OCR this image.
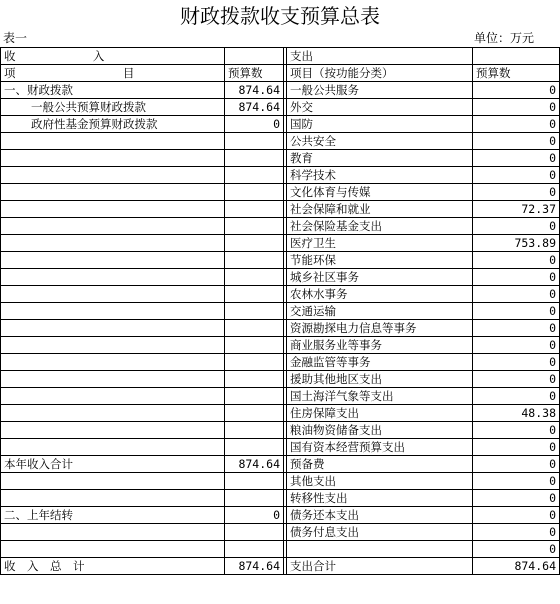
财政拨款收支预算总表
表一	单位：万元
收 入			支出	
项 目	预算数		项目（按功能分类）	预算数
一、财政拨款	874.64		一般公共服务	0
一般公共预算财政拨款	874.64		外交	0
政府性基金预算财政拨款	0		国防	0
			公共安全	0
			教育	0
			科学技术	0
			文化体育与传媒	0
			社会保障和就业	72.37
			社会保险基金支出	0
			医疗卫生	753.89
			节能环保	0
			城乡社区事务	0
			农林水事务	0
			交通运输	0
			资源勘探电力信息等事务	0
			商业服务业等事务	0
			金融监管等事务	0
			援助其他地区支出	0
			国土海洋气象等支出	0
			住房保障支出	48.38
			粮油物资储备支出	0
			国有资本经营预算支出	0
本年收入合计	874.64		预备费	0
			其他支出	0
			转移性支出	0
二、上年结转	0		债务还本支出	0
			债务付息支出	0
				0
收　入　总　计	874.64		支出合计	874.64
